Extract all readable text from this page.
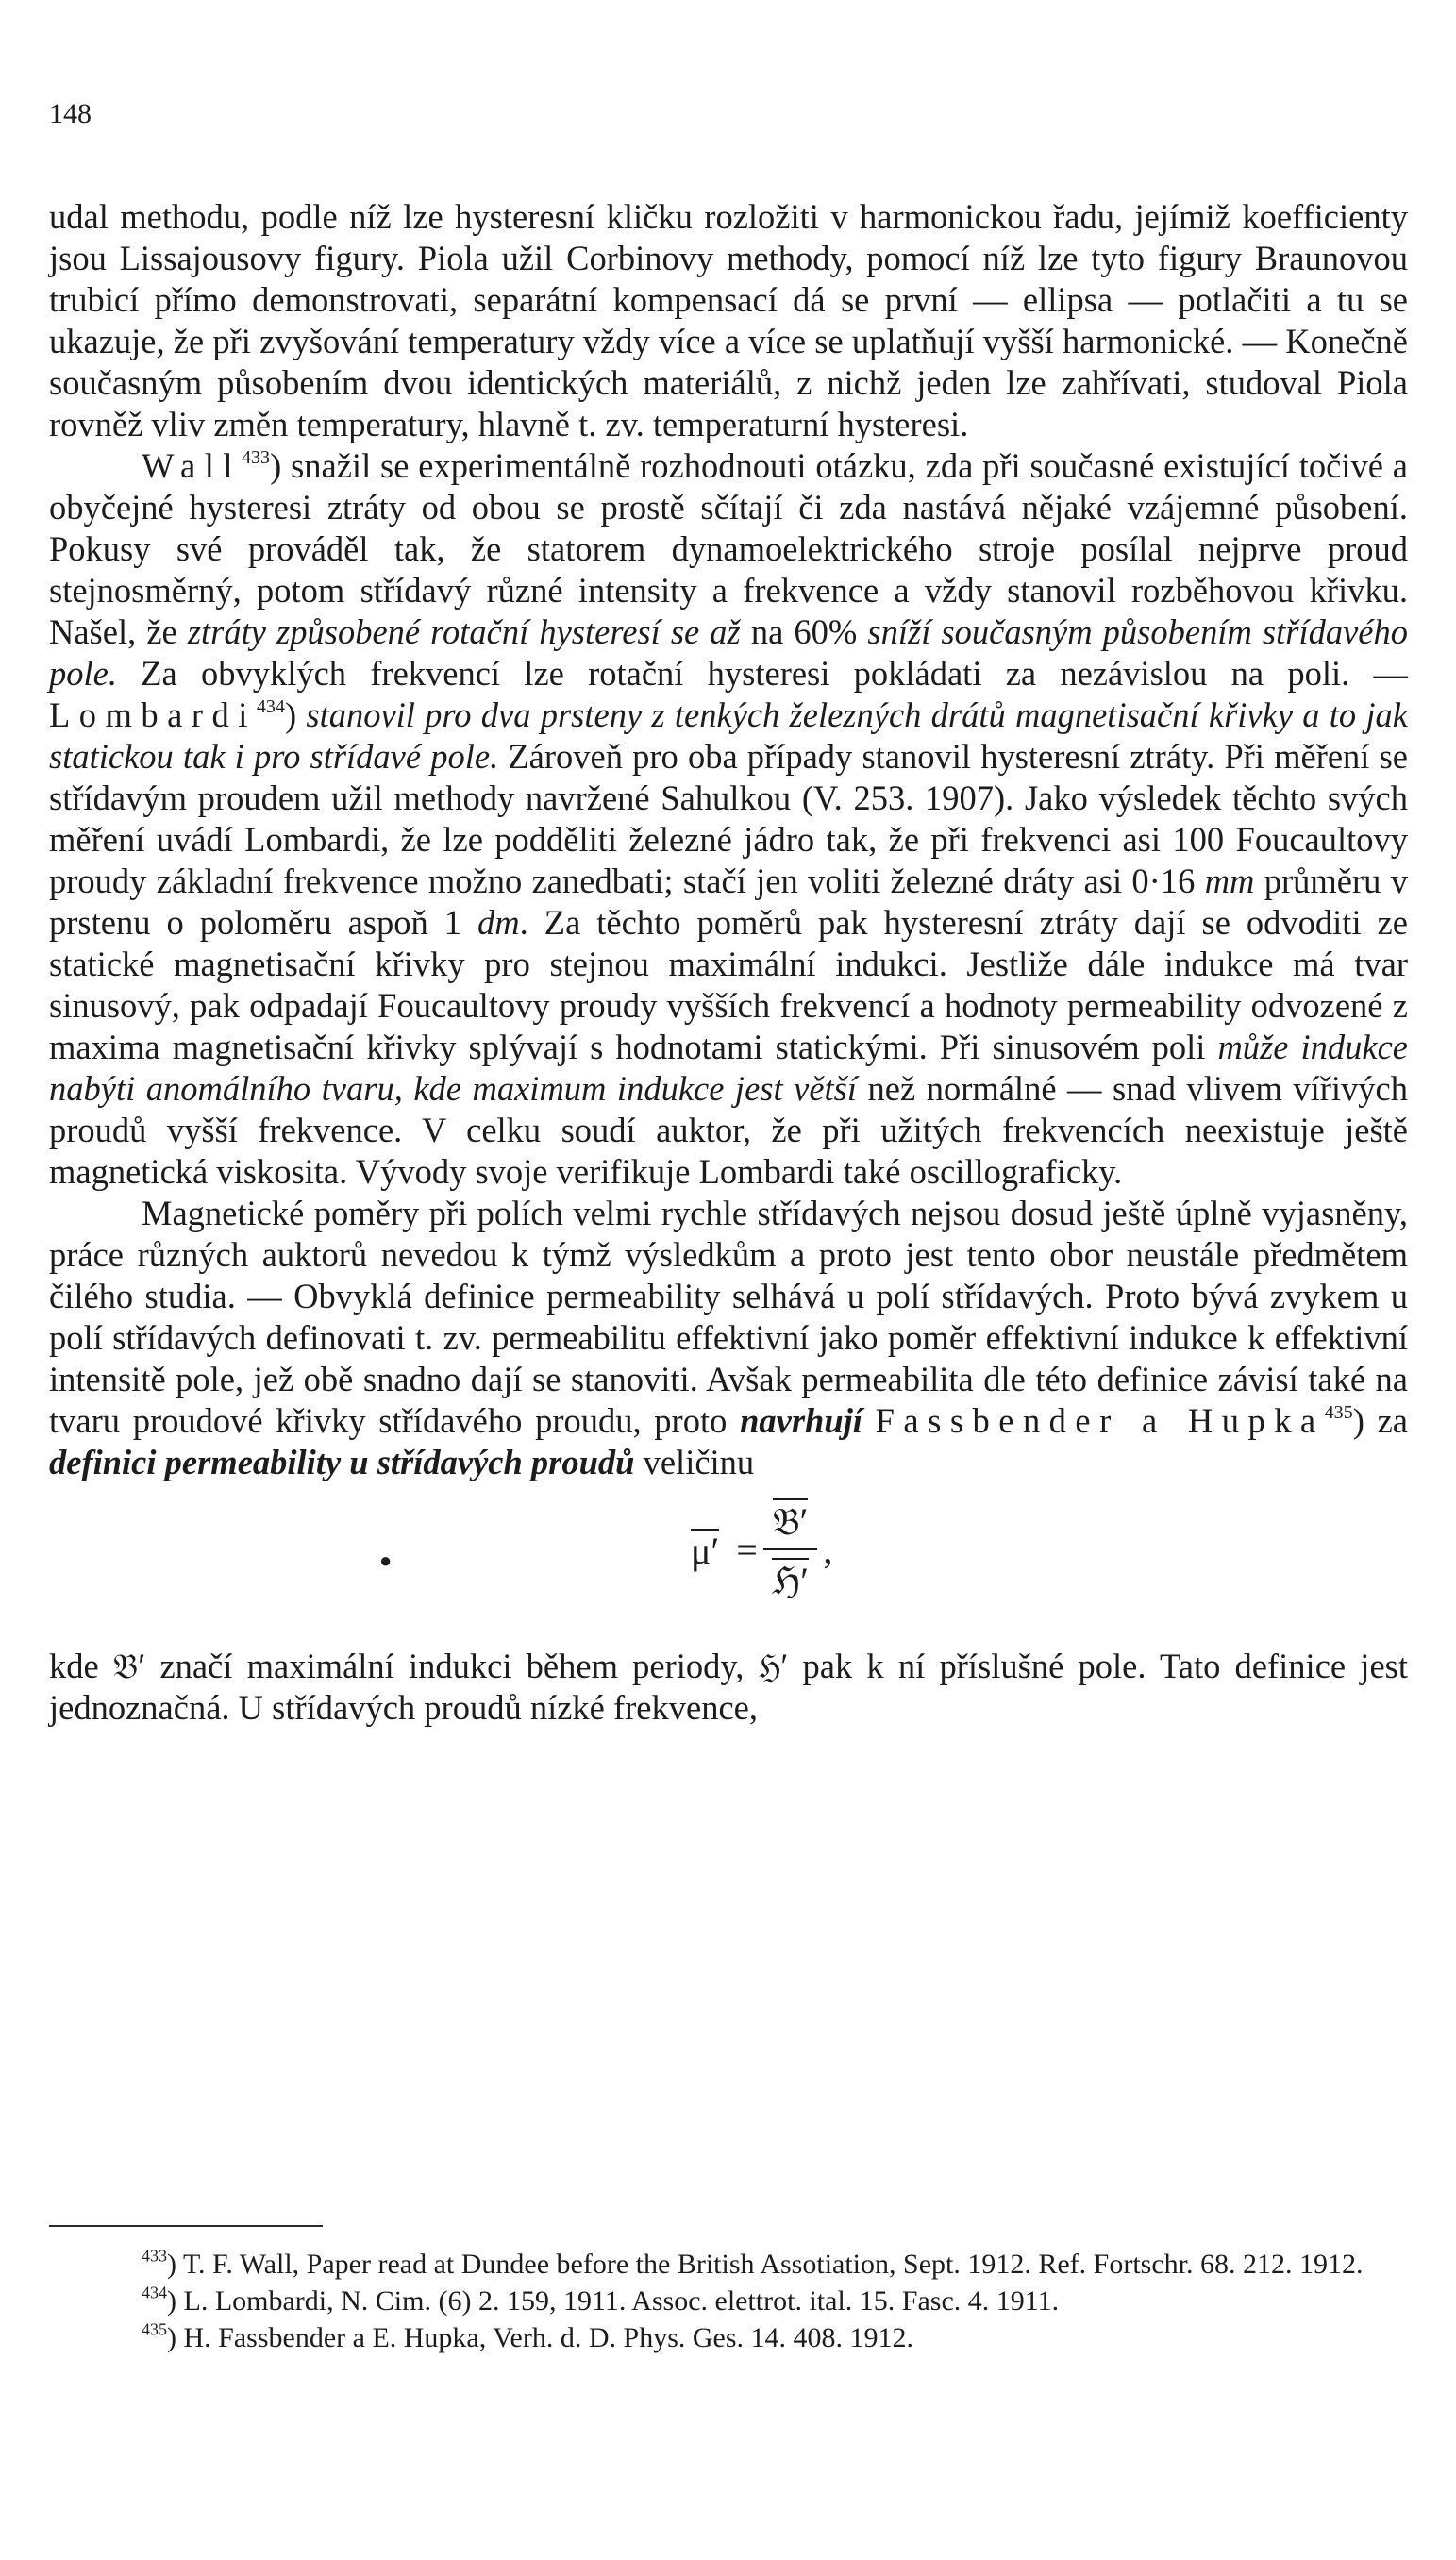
148

udal methodu, podle níž lze hysteresní kličku rozložiti v harmonickou řadu, jejímiž koefficienty jsou Lissajousovy figury. Piola užil Corbinovy methody, pomocí níž lze tyto figury Braunovou trubicí přímo demonstrovati, separátní kompensací dá se první — ellipsa — potlačiti a tu se ukazuje, že při zvyšování temperatury vždy více a více se uplatňují vyšší harmonické. — Konečně současným působením dvou identických materiálů, z nichž jeden lze zahřívati, studoval Piola rovněž vliv změn temperatury, hlavně t. zv. temperaturní hysteresi.

Wall$^{433}$) snažil se experimentálně rozhodnouti otázku, zda při současné existující točivé a obyčejné hysteresi ztráty od obou se prostě sčítají či zda nastává nějaké vzájemné působení. Pokusy své prováděl tak, že statorem dynamoelektrického stroje posílal nejprve proud stejnosměrný, potom střídavý různé intensity a frekvence a vždy stanovil rozběhovou křivku. Našel, že ztráty způsobené rotační hysteresí se až na 60% sníží současným působením střídavého pole. Za obvyklých frekvencí lze rotační hysteresi pokládati za nezávislou na poli. — Lombardi$^{434}$) stanovil pro dva prsteny z tenkých železných drátů magnetisační křivky a to jak statickou tak i pro střídavé pole. Zároveň pro oba případy stanovil hysteresní ztráty. Při měření se střídavým proudem užil methody navržené Sahulkou (V. 253. 1907). Jako výsledek těchto svých měření uvádí Lombardi, že lze podděliti železné jádro tak, že při frekvenci asi 100 Foucaultovy proudy základní frekvence možno zanedbati; stačí jen voliti železné dráty asi 0·16 mm průměru v prstenu o poloměru aspoň 1 dm. Za těchto poměrů pak hysteresní ztráty dají se odvoditi ze statické magnetisační křivky pro stejnou maximální indukci. Jestliže dále indukce má tvar sinusový, pak odpadají Foucaultovy proudy vyšších frekvencí a hodnoty permeability odvozené z maxima magnetisační křivky splývají s hodnotami statickými. Při sinusovém poli může indukce nabýti anomálního tvaru, kde maximum indukce jest větší než normálné — snad vlivem vířivých proudů vyšší frekvence. V celku soudí auktor, že při užitých frekvencích neexistuje ještě magnetická viskosita. Vývody svoje verifikuje Lombardi také oscillograficky.

Magnetické poměry při polích velmi rychle střídavých nejsou dosud ještě úplně vyjasněny, práce různých auktorů nevedou k týmž výsledkům a proto jest tento obor neustále předmětem čilého studia. — Obvyklá definice permeability selhává u polí střídavých. Proto bývá zvykem u polí střídavých definovati t. zv. permeabilitu effektivní jako poměr effektivní indukce k effektivní intensitě pole, jež obě snadno dají se stanoviti. Avšak permeabilita dle této definice závisí také na tvaru proudové křivky střídavého proudu, proto navrhují Fassbender a Hupka$^{435}$) za definici permeability u střídavých proudů veličinu

●	$\mu' = \frac{\text{𝔅′}}{\text{ℌ′}}$ ,

kde 𝔅′ značí maximální indukci během periody, ℌ′ pak k ní příslušné pole. Tato definice jest jednoznačná. U střídavých proudů nízké frekvence,

$^{433}$) T. F. Wall, Paper read at Dundee before the British Assotiation, Sept. 1912. Ref. Fortschr. 68. 212. 1912.

$^{434}$) L. Lombardi, N. Cim. (6) 2. 159, 1911. Assoc. elettrot. ital. 15. Fasc. 4. 1911.

$^{435}$) H. Fassbender a E. Hupka, Verh. d. D. Phys. Ges. 14. 408. 1912.
